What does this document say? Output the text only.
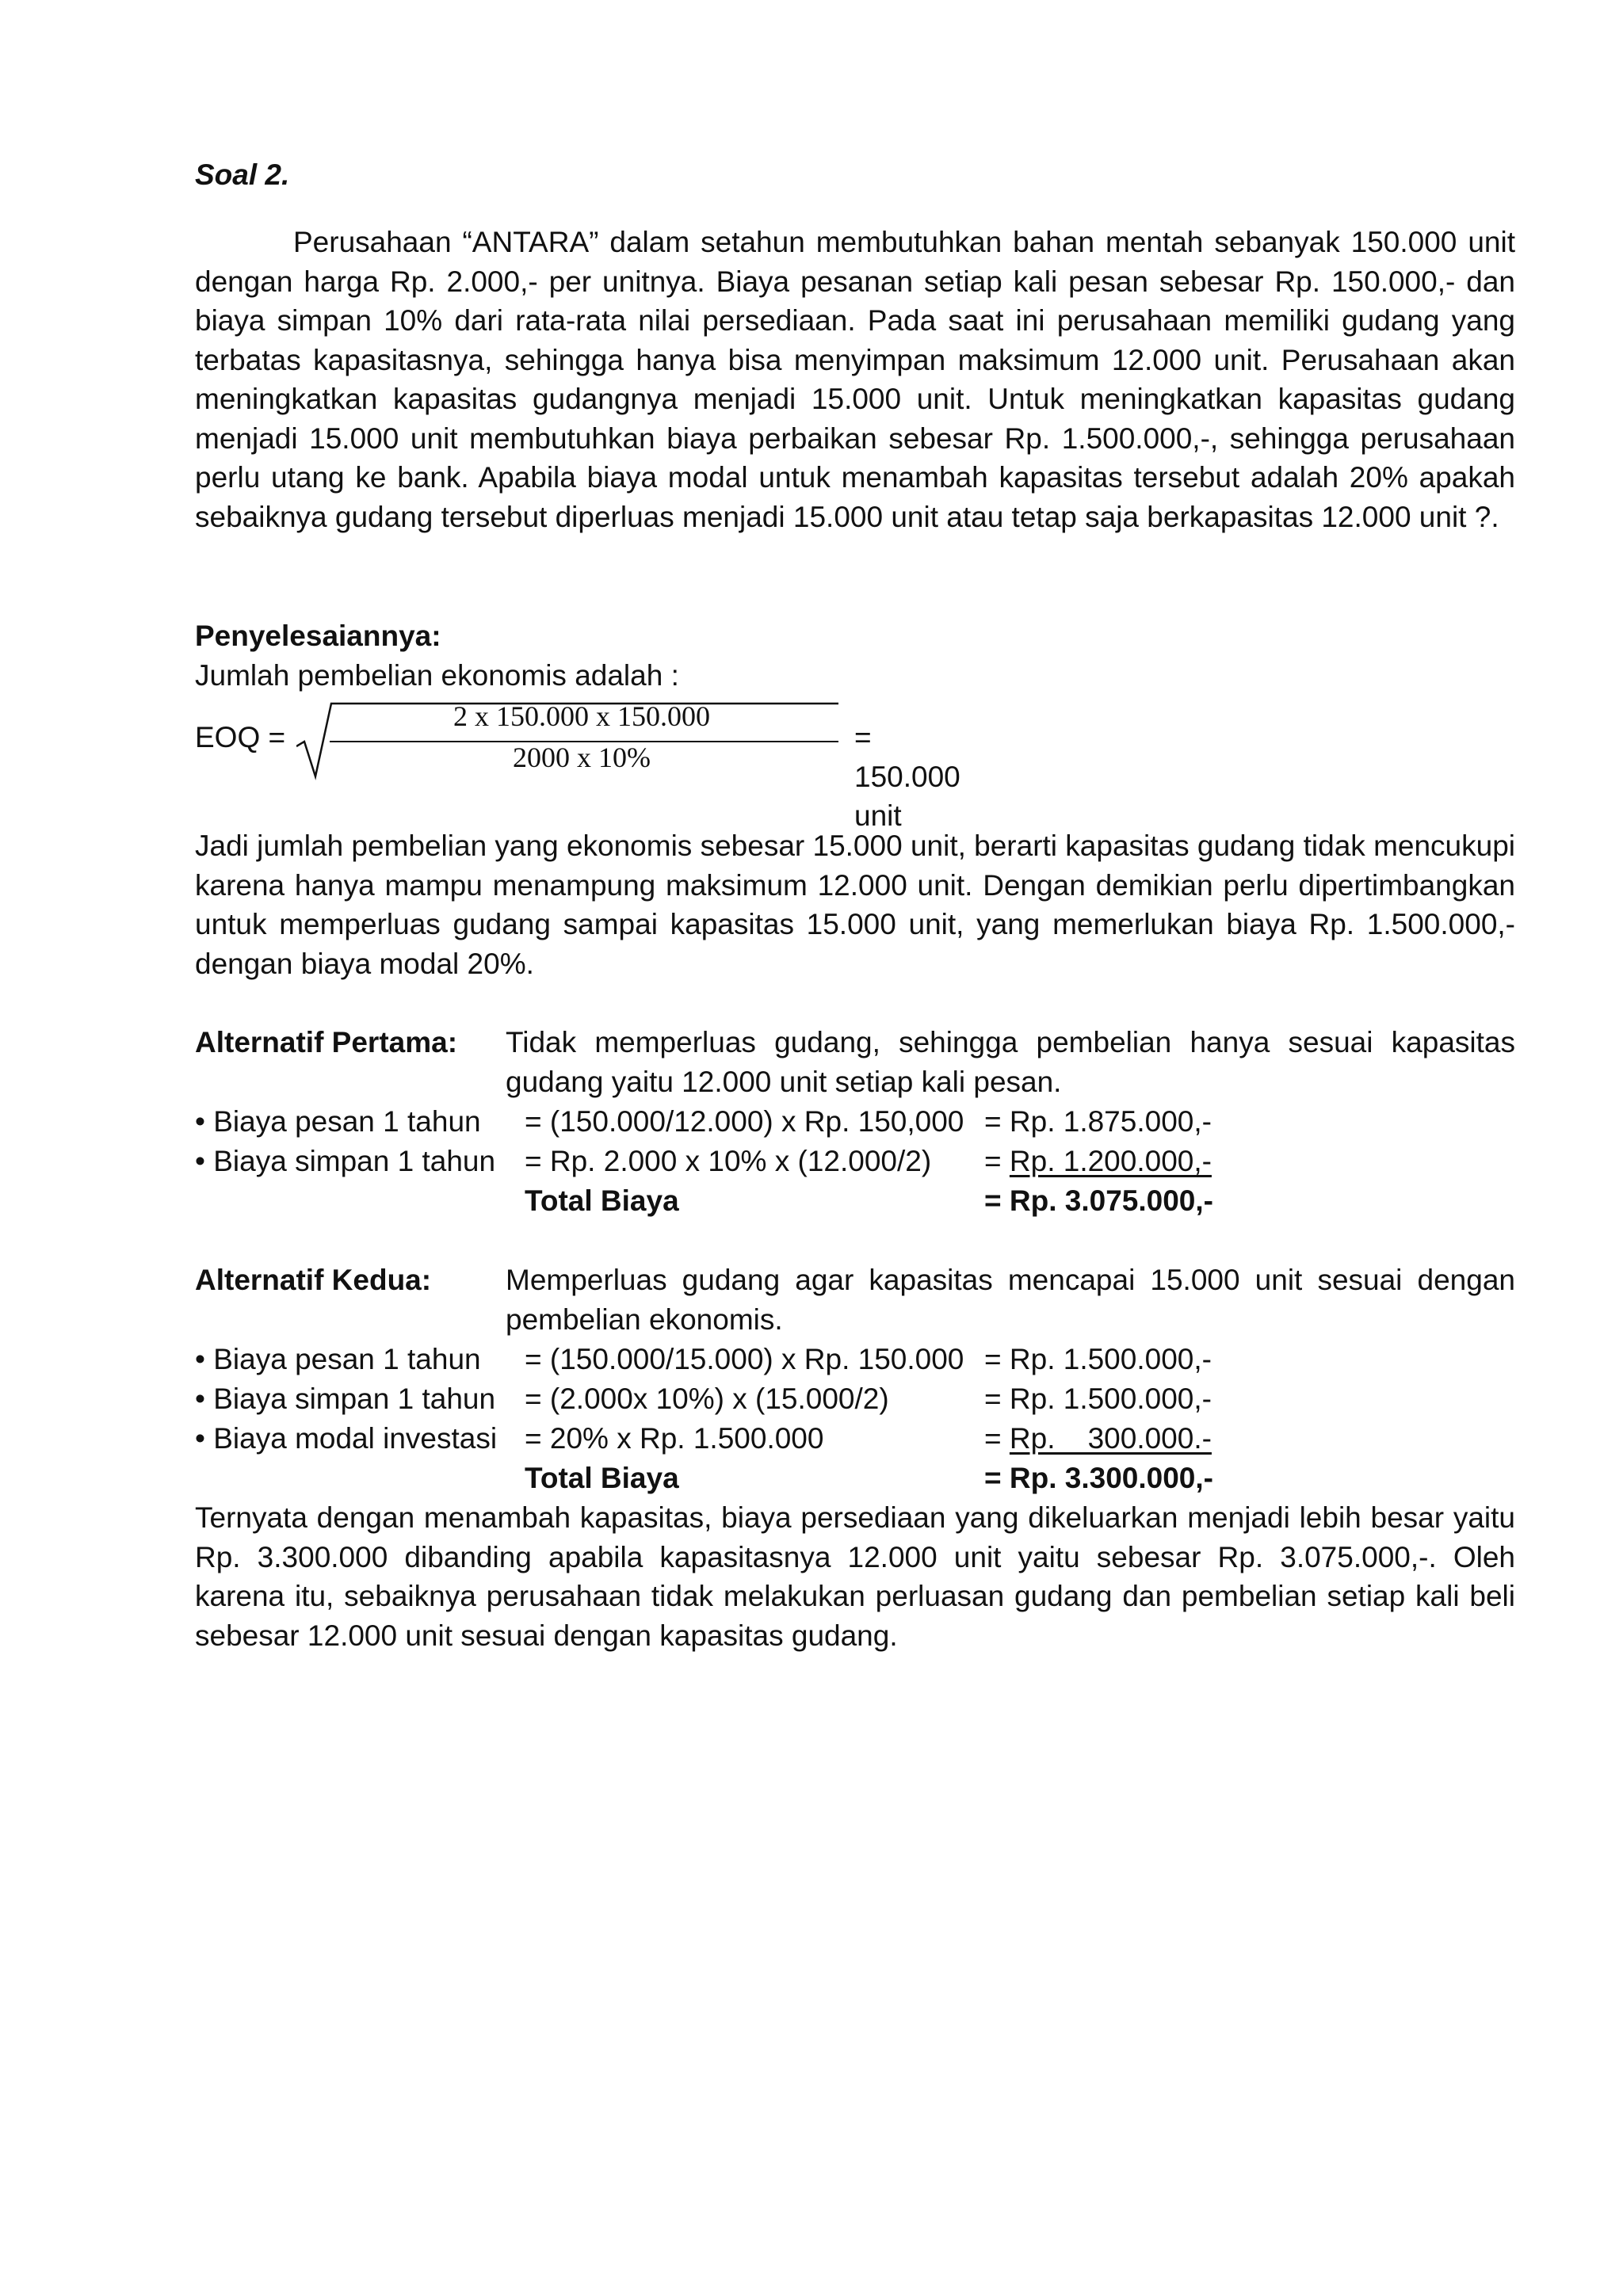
Soal 2.
Perusahaan “ANTARA” dalam setahun membutuhkan bahan mentah sebanyak 150.000 unit dengan harga Rp. 2.000,- per unitnya. Biaya pesanan setiap kali pesan sebesar Rp. 150.000,- dan biaya simpan 10% dari rata-rata nilai persediaan. Pada saat ini perusahaan memiliki gudang yang terbatas kapasitasnya, sehingga hanya bisa menyimpan maksimum 12.000 unit. Perusahaan akan meningkatkan kapasitas gudangnya menjadi 15.000 unit. Untuk meningkatkan kapasitas gudang menjadi 15.000 unit membutuhkan biaya perbaikan sebesar Rp. 1.500.000,-, sehingga perusahaan perlu utang ke bank. Apabila biaya modal untuk menambah kapasitas tersebut adalah 20% apakah sebaiknya gudang tersebut diperluas menjadi 15.000 unit atau tetap saja berkapasitas 12.000 unit ?.
Penyelesaiannya:
Jumlah pembelian ekonomis adalah :
EOQ =
2 x 150.000 x 150.000
2000 x 10%
= 150.000 unit
Jadi jumlah pembelian yang ekonomis sebesar 15.000 unit, berarti kapasitas gudang tidak mencukupi karena hanya mampu menampung maksimum 12.000 unit. Dengan demikian perlu dipertimbangkan untuk memperluas gudang sampai kapasitas 15.000 unit, yang memerlukan biaya Rp. 1.500.000,- dengan biaya modal 20%.
Alternatif Pertama: Tidak memperluas gudang, sehingga pembelian hanya sesuai kapasitas gudang yaitu 12.000 unit setiap kali pesan.
• Biaya pesan 1 tahun = (150.000/12.000) x Rp. 150,000 = Rp. 1.875.000,-
• Biaya simpan 1 tahun = Rp. 2.000 x 10% x (12.000/2) = Rp. 1.200.000,-
Total Biaya	= Rp. 3.075.000,-
Alternatif Kedua:	Memperluas gudang agar kapasitas mencapai 15.000 unit sesuai dengan pembelian ekonomis.
• Biaya pesan 1 tahun = (150.000/15.000) x Rp. 150.000 = Rp. 1.500.000,-
• Biaya simpan 1 tahun = (2.000x 10%) x (15.000/2)	= Rp. 1.500.000,-
• Biaya modal investasi = 20% x Rp. 1.500.000	= Rp.    300.000.-
Total Biaya	= Rp. 3.300.000,-
Ternyata dengan menambah kapasitas, biaya persediaan yang dikeluarkan menjadi lebih besar yaitu Rp. 3.300.000 dibanding apabila kapasitasnya 12.000 unit yaitu sebesar Rp. 3.075.000,-. Oleh karena itu, sebaiknya perusahaan tidak melakukan perluasan gudang dan pembelian setiap kali beli sebesar 12.000 unit sesuai dengan kapasitas gudang.
